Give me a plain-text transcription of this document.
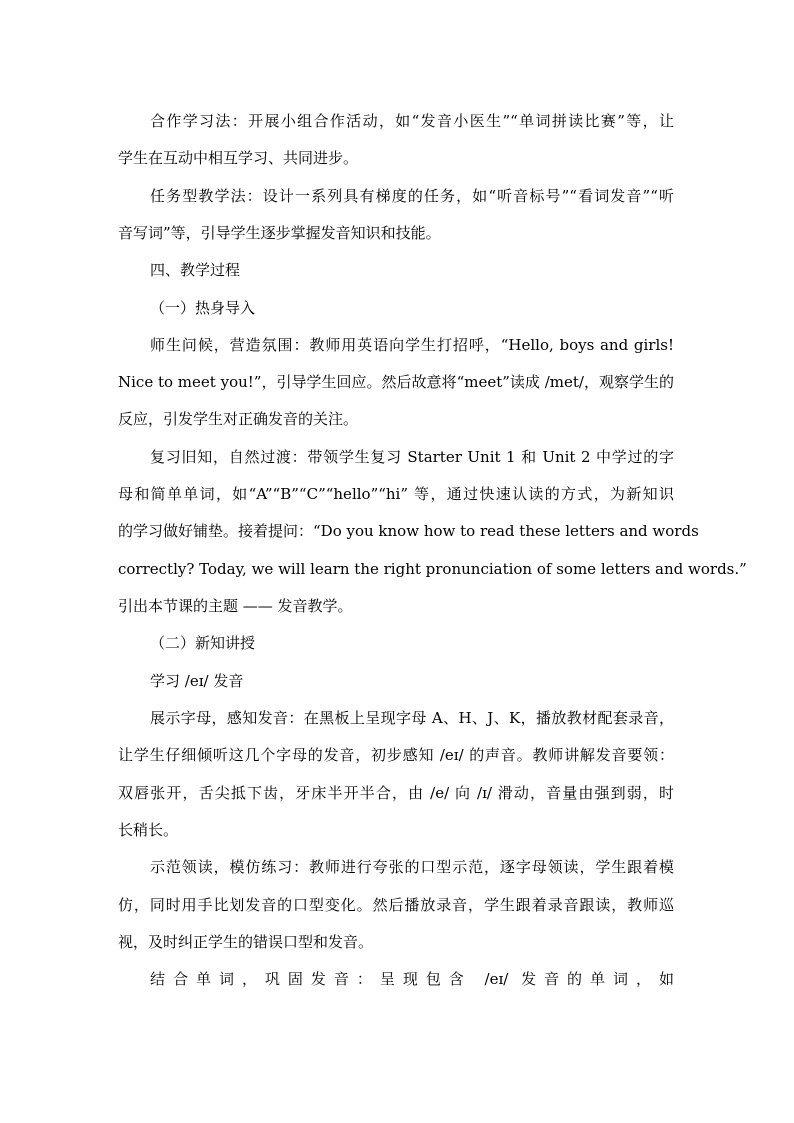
合作学习法：开展小组合作活动，如“发音小医生”“单词拼读比赛”等，让
学生在互动中相互学习、共同进步。
任务型教学法：设计一系列具有梯度的任务，如“听音标号”“看词发音”“听
音写词”等，引导学生逐步掌握发音知识和技能。
四、教学过程
（一）热身导入
师生问候，营造氛围：教师用英语向学生打招呼，“Hello, boys and girls!
Nice to meet you!”，引导学生回应。然后故意将“meet”读成 /met/，观察学生的
反应，引发学生对正确发音的关注。
复习旧知，自然过渡：带领学生复习 Starter Unit 1 和 Unit 2 中学过的字
母和简单单词，如“A”“B”“C”“hello”“hi” 等，通过快速认读的方式，为新知识
的学习做好铺垫。接着提问：“Do you know how to read these letters and words
correctly? Today, we will learn the right pronunciation of some letters and words.”
引出本节课的主题 —— 发音教学。
（二）新知讲授
学习 /eɪ/ 发音
展示字母，感知发音：在黑板上呈现字母 A、H、J、K，播放教材配套录音，
让学生仔细倾听这几个字母的发音，初步感知 /eɪ/ 的声音。教师讲解发音要领：
双唇张开，舌尖抵下齿，牙床半开半合，由 /e/ 向 /ɪ/ 滑动，音量由强到弱，时
长稍长。
示范领读，模仿练习：教师进行夸张的口型示范，逐字母领读，学生跟着模
仿，同时用手比划发音的口型变化。然后播放录音，学生跟着录音跟读，教师巡
视，及时纠正学生的错误口型和发音。
结合单词，巩固发音：呈现包含 /eɪ/ 发音的单词，如
